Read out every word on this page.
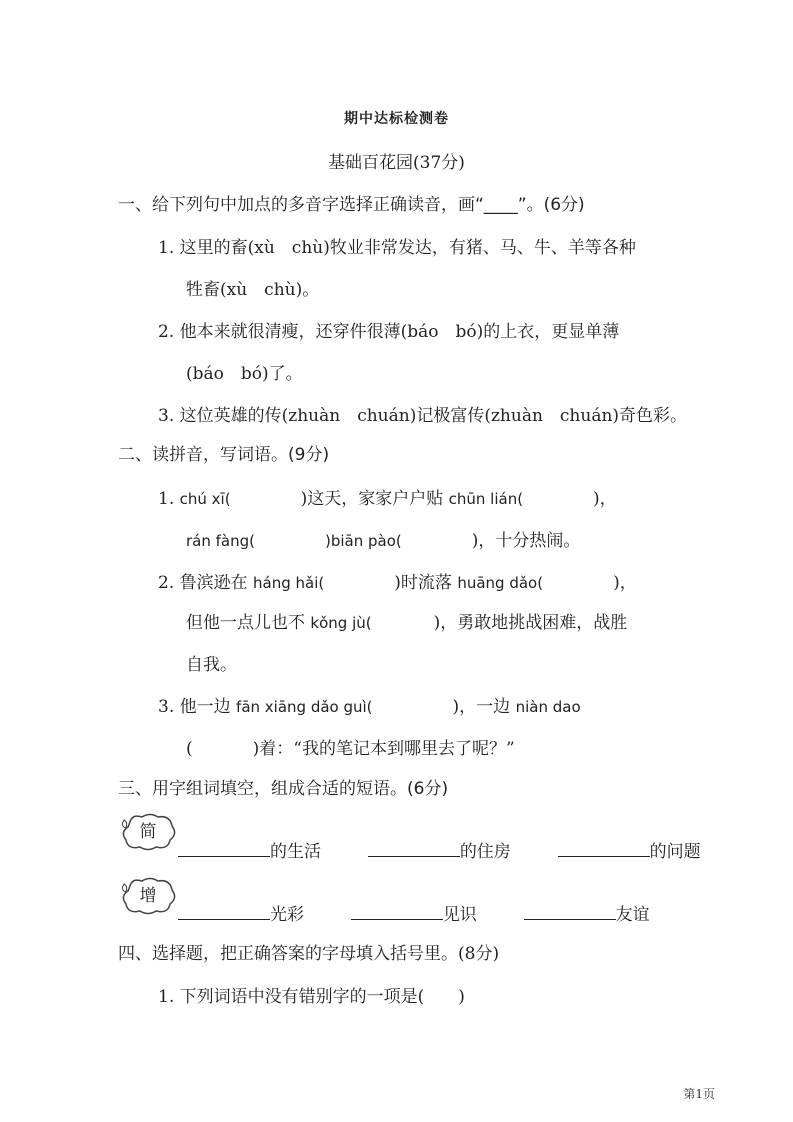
期中达标检测卷
基础百花园(37分)
一、给下列句中加点的多音字选择正确读音，画“____”。(6分)
1. 这里的畜(xù　chù)牧业非常发达，有猪、马、牛、羊等各种
牲畜(xù　chù)。
2. 他本来就很清瘦，还穿件很薄(báo　bó)的上衣，更显单薄
(báo　bó)了。
3. 这位英雄的传(zhuàn　chuán)记极富传(zhuàn　chuán)奇色彩。
二、读拼音，写词语。(9分)
1. chú xī(	)这天，家家户户贴 chūn lián(	)，
rán fàng(	)biān pào(	)，十分热闹。
2. 鲁滨逊在 háng hǎi(	)时流落 huāng dǎo(	)，
但他一点儿也不 kǒng jù(	)，勇敢地挑战困难，战胜
自我。
3. 他一边 fān xiāng dǎo guì(	)，一边 niàn dao
(	)着：“我的笔记本到哪里去了呢？”
三、用字组词填空，组成合适的短语。(6分)
简
的生活	的住房	的问题
增
光彩	见识	友谊
四、选择题，把正确答案的字母填入括号里。(8分)
1. 下列词语中没有错别字的一项是(　　)
第1页
